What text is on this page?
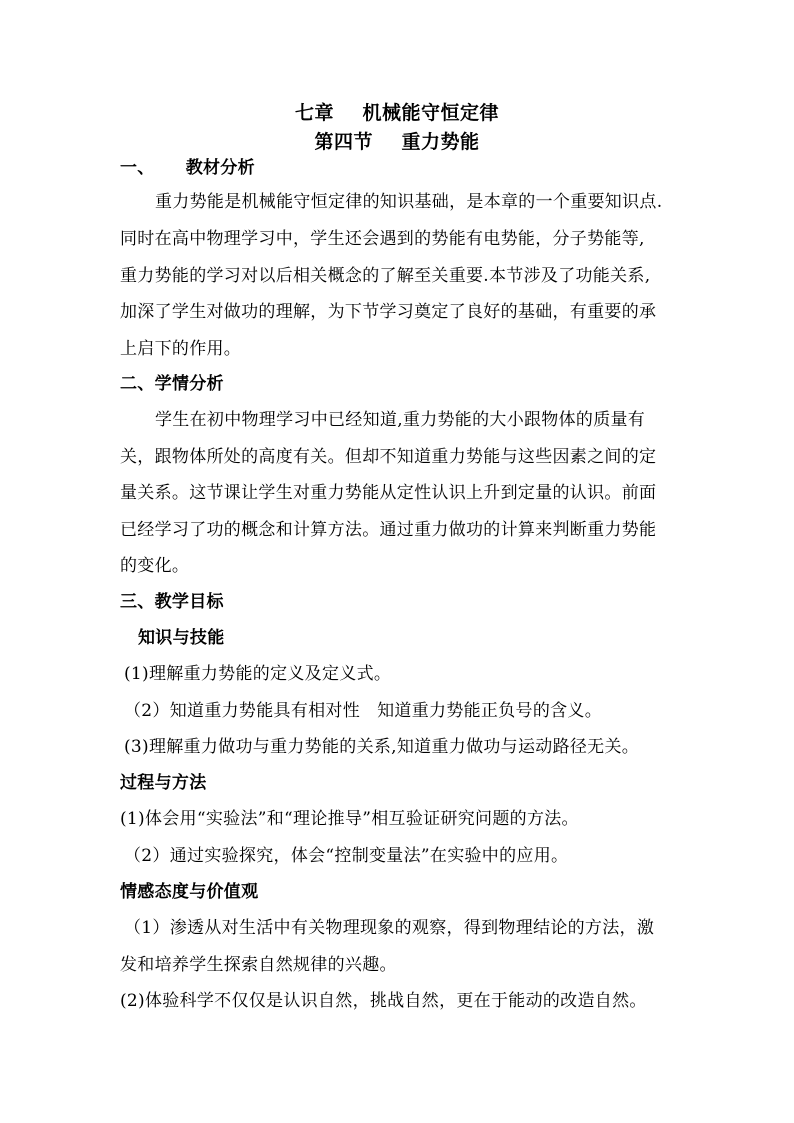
七章    机械能守恒定律
第四节    重力势能
一、     教材分析
重力势能是机械能守恒定律的知识基础，是本章的一个重要知识点.
同时在高中物理学习中，学生还会遇到的势能有电势能，分子势能等,
重力势能的学习对以后相关概念的了解至关重要.本节涉及了功能关系,
加深了学生对做功的理解，为下节学习奠定了良好的基础，有重要的承
上启下的作用。
二、学情分析
学生在初中物理学习中已经知道,重力势能的大小跟物体的质量有
关，跟物体所处的高度有关。但却不知道重力势能与这些因素之间的定
量关系。这节课让学生对重力势能从定性认识上升到定量的认识。前面
已经学习了功的概念和计算方法。通过重力做功的计算来判断重力势能
的变化。
三、教学目标
知识与技能
(1)理解重力势能的定义及定义式。
（2）知道重力势能具有相对性   知道重力势能正负号的含义。
(3)理解重力做功与重力势能的关系,知道重力做功与运动路径无关。
过程与方法
(1)体会用“实验法”和“理论推导”相互验证研究问题的方法。
（2）通过实验探究，体会“控制变量法”在实验中的应用。
情感态度与价值观
（1）渗透从对生活中有关物理现象的观察，得到物理结论的方法，激
发和培养学生探索自然规律的兴趣。
(2)体验科学不仅仅是认识自然，挑战自然，更在于能动的改造自然。
